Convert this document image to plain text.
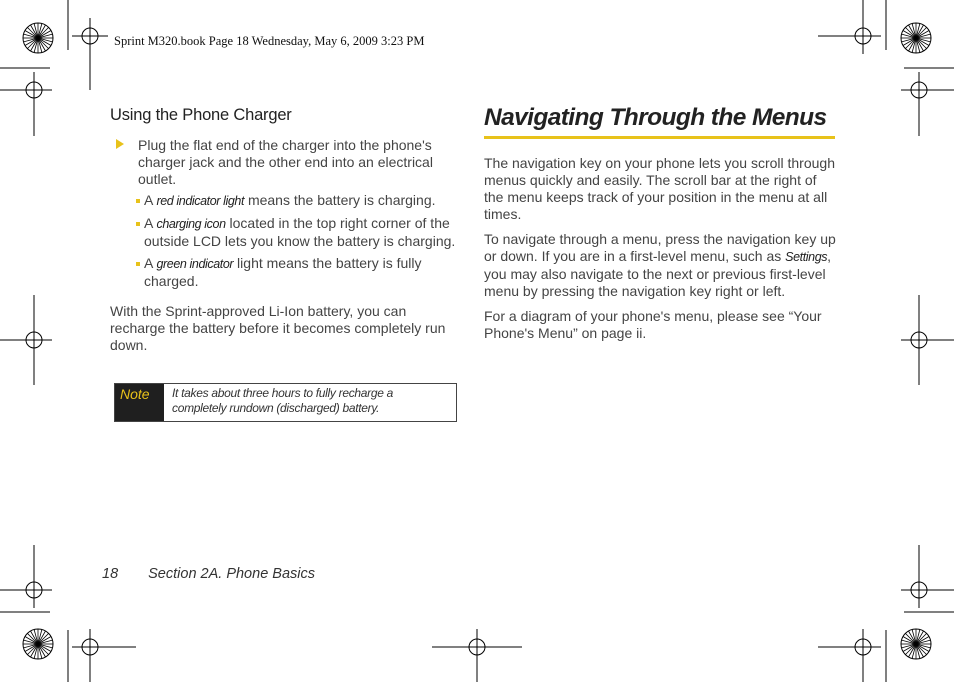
Sprint M320.book Page 18 Wednesday, May 6, 2009 3:23 PM
Using the Phone Charger
Plug the flat end of the charger into the phone's charger jack and the other end into an electrical outlet.
A red indicator light means the battery is charging.
A charging icon located in the top right corner of the outside LCD lets you know the battery is charging.
A green indicator light means the battery is fully charged.

With the Sprint-approved Li-Ion battery, you can recharge the battery before it becomes completely run down.

Note	It takes about three hours to fully recharge a completely rundown (discharged) battery.
Navigating Through the Menus

The navigation key on your phone lets you scroll through menus quickly and easily. The scroll bar at the right of the menu keeps track of your position in the menu at all times.

To navigate through a menu, press the navigation key up or down. If you are in a first-level menu, such as Settings, you may also navigate to the next or previous first-level menu by pressing the navigation key right or left.

For a diagram of your phone's menu, please see “Your Phone's Menu” on page ii.

18 Section 2A. Phone Basics
